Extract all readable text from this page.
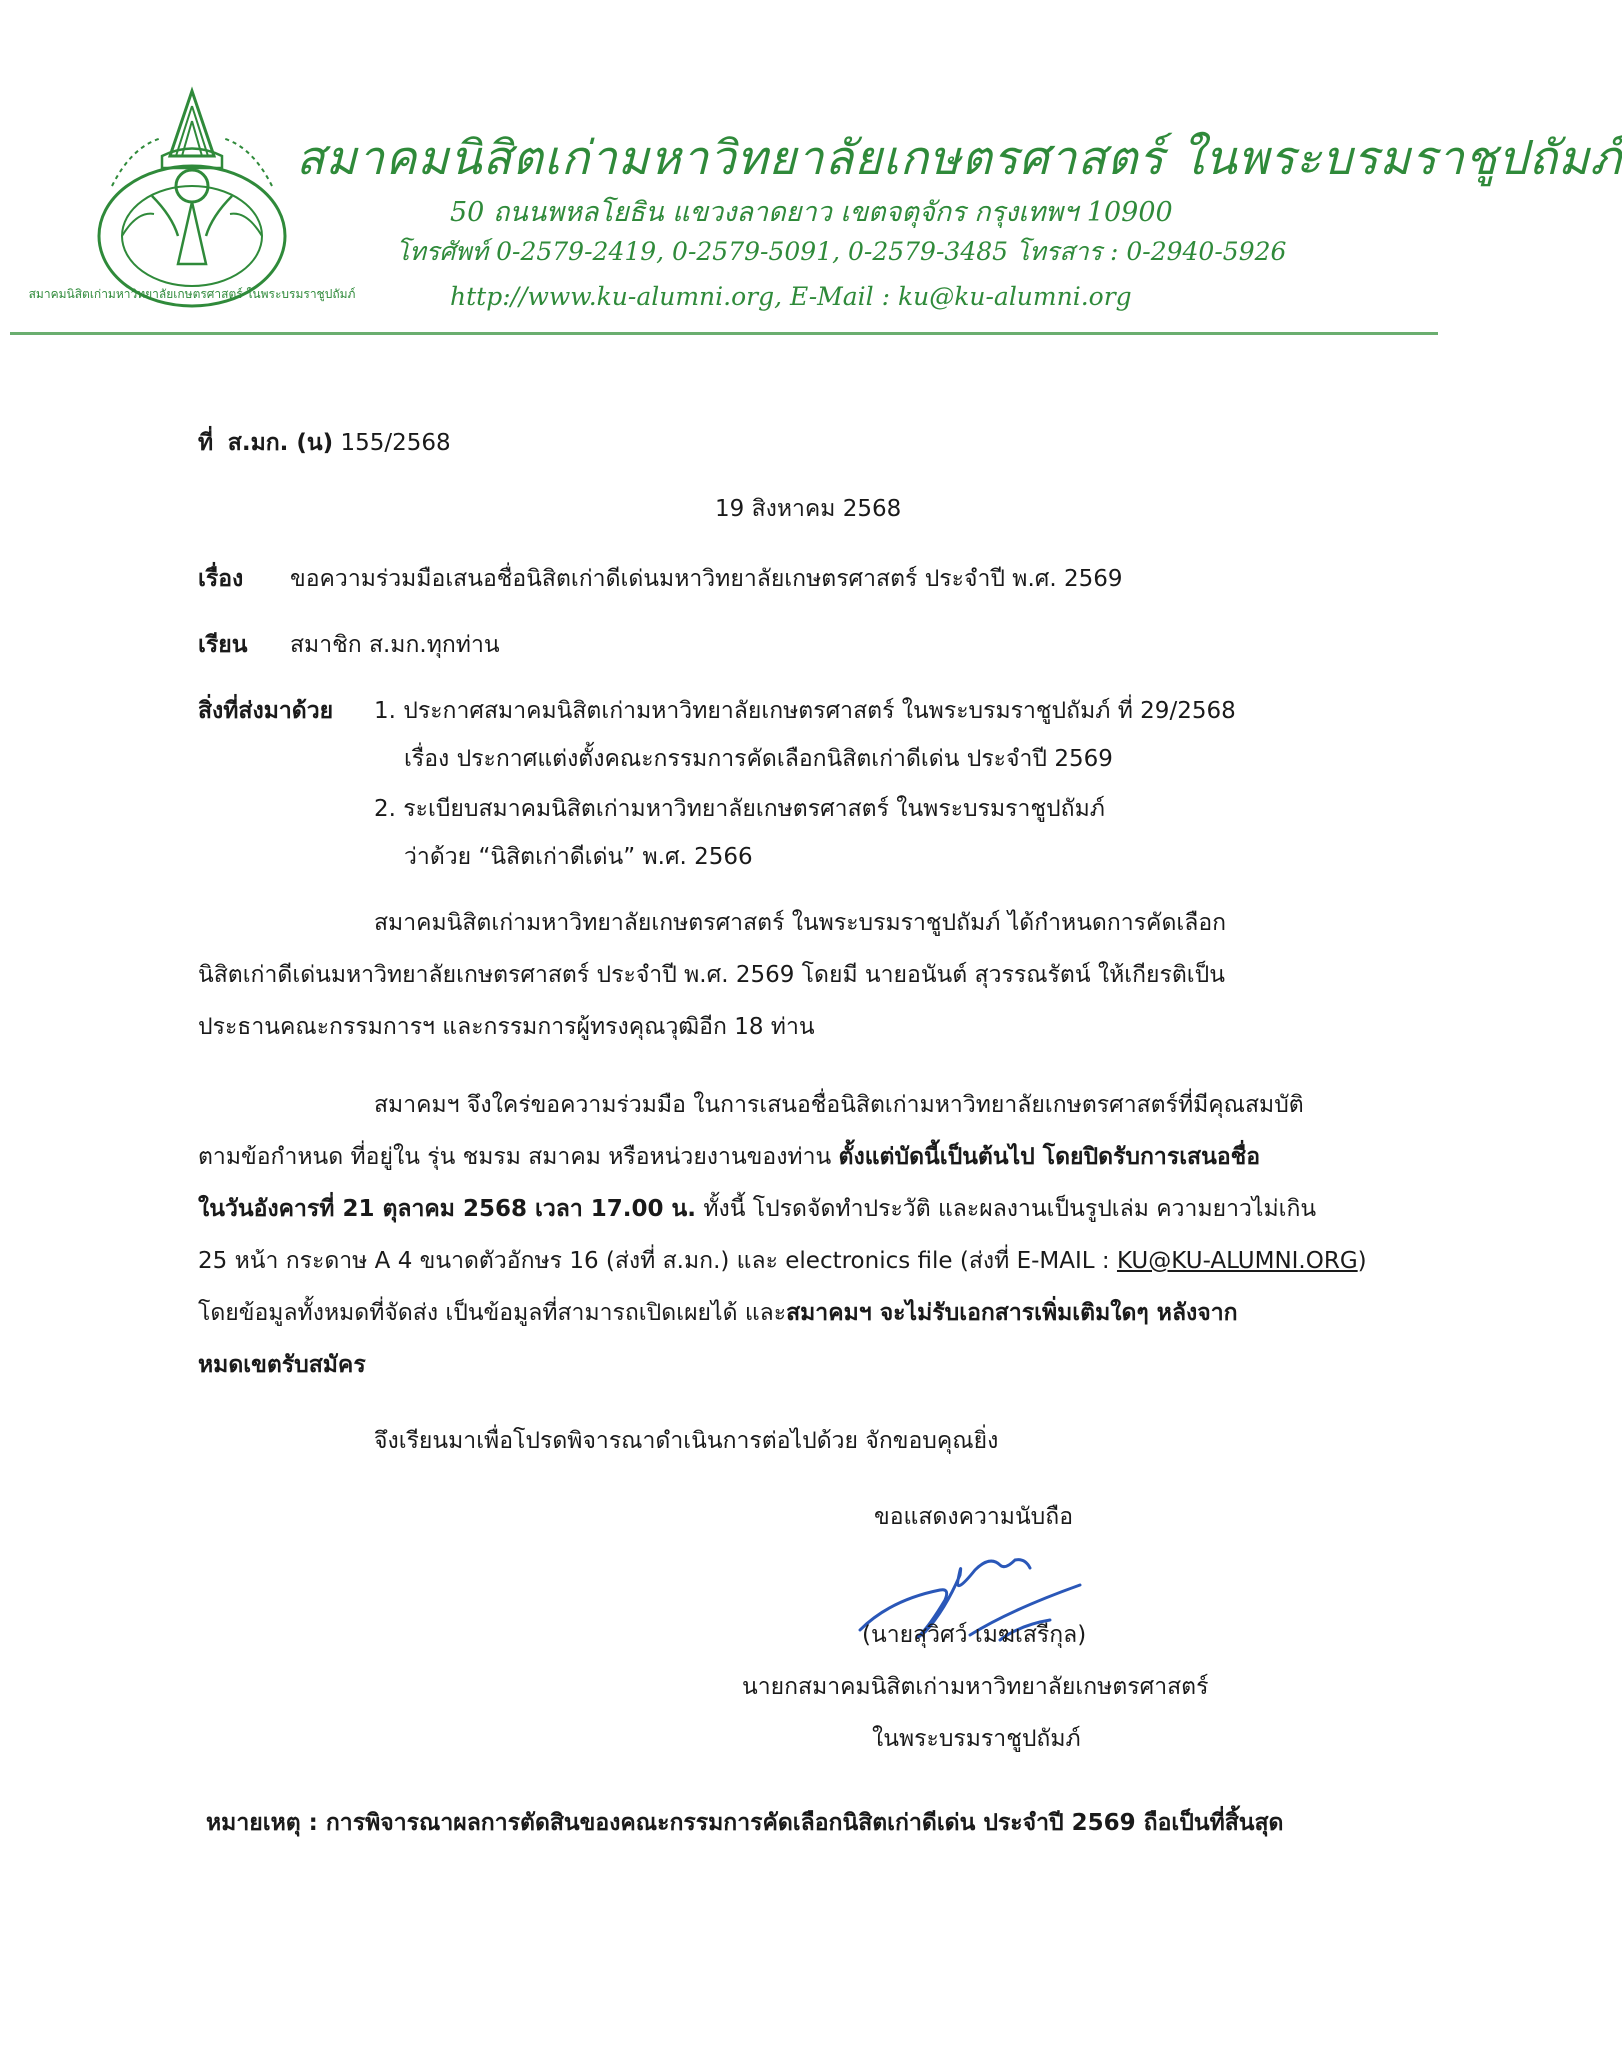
สมาคมนิสิตเก่ามหาวิทยาลัยเกษตรศาสตร์ ในพระบรมราชูปถัมภ์
สมาคมนิสิตเก่ามหาวิทยาลัยเกษตรศาสตร์ ในพระบรมราชูปถัมภ์
50 ถนนพหลโยธิน แขวงลาดยาว เขตจตุจักร กรุงเทพฯ 10900
โทรศัพท์ 0-2579-2419, 0-2579-5091, 0-2579-3485 โทรสาร : 0-2940-5926
http://www.ku-alumni.org, E-Mail : ku@ku-alumni.org
ที่ ส.มก. (น) 155/2568
19 สิงหาคม 2568
เรื่อง ขอความร่วมมือเสนอชื่อนิสิตเก่าดีเด่นมหาวิทยาลัยเกษตรศาสตร์ ประจำปี พ.ศ. 2569
เรียน สมาชิก ส.มก.ทุกท่าน
สิ่งที่ส่งมาด้วย 1. ประกาศสมาคมนิสิตเก่ามหาวิทยาลัยเกษตรศาสตร์ ในพระบรมราชูปถัมภ์ ที่ 29/2568
เรื่อง ประกาศแต่งตั้งคณะกรรมการคัดเลือกนิสิตเก่าดีเด่น ประจำปี 2569
2. ระเบียบสมาคมนิสิตเก่ามหาวิทยาลัยเกษตรศาสตร์ ในพระบรมราชูปถัมภ์
ว่าด้วย “นิสิตเก่าดีเด่น” พ.ศ. 2566
สมาคมนิสิตเก่ามหาวิทยาลัยเกษตรศาสตร์ ในพระบรมราชูปถัมภ์ ได้กำหนดการคัดเลือก
นิสิตเก่าดีเด่นมหาวิทยาลัยเกษตรศาสตร์ ประจำปี พ.ศ. 2569 โดยมี นายอนันต์ สุวรรณรัตน์ ให้เกียรติเป็น
ประธานคณะกรรมการฯ และกรรมการผู้ทรงคุณวุฒิอีก 18 ท่าน
สมาคมฯ จึงใคร่ขอความร่วมมือ ในการเสนอชื่อนิสิตเก่ามหาวิทยาลัยเกษตรศาสตร์ที่มีคุณสมบัติ
ตามข้อกำหนด ที่อยู่ใน รุ่น ชมรม สมาคม หรือหน่วยงานของท่าน ตั้งแต่บัดนี้เป็นต้นไป โดยปิดรับการเสนอชื่อ
ในวันอังคารที่ 21 ตุลาคม 2568 เวลา 17.00 น. ทั้งนี้ โปรดจัดทำประวัติ และผลงานเป็นรูปเล่ม ความยาวไม่เกิน
25 หน้า กระดาษ A 4 ขนาดตัวอักษร 16 (ส่งที่ ส.มก.) และ electronics file (ส่งที่ E-MAIL : KU@KU-ALUMNI.ORG)
โดยข้อมูลทั้งหมดที่จัดส่ง เป็นข้อมูลที่สามารถเปิดเผยได้ และสมาคมฯ จะไม่รับเอกสารเพิ่มเติมใดๆ หลังจาก
หมดเขตรับสมัคร
จึงเรียนมาเพื่อโปรดพิจารณาดำเนินการต่อไปด้วย จักขอบคุณยิ่ง
ขอแสดงความนับถือ
(นายสุวิศว์ เมฆเสรีกุล)
นายกสมาคมนิสิตเก่ามหาวิทยาลัยเกษตรศาสตร์
ในพระบรมราชูปถัมภ์
หมายเหตุ : การพิจารณาผลการตัดสินของคณะกรรมการคัดเลือกนิสิตเก่าดีเด่น ประจำปี 2569 ถือเป็นที่สิ้นสุด
